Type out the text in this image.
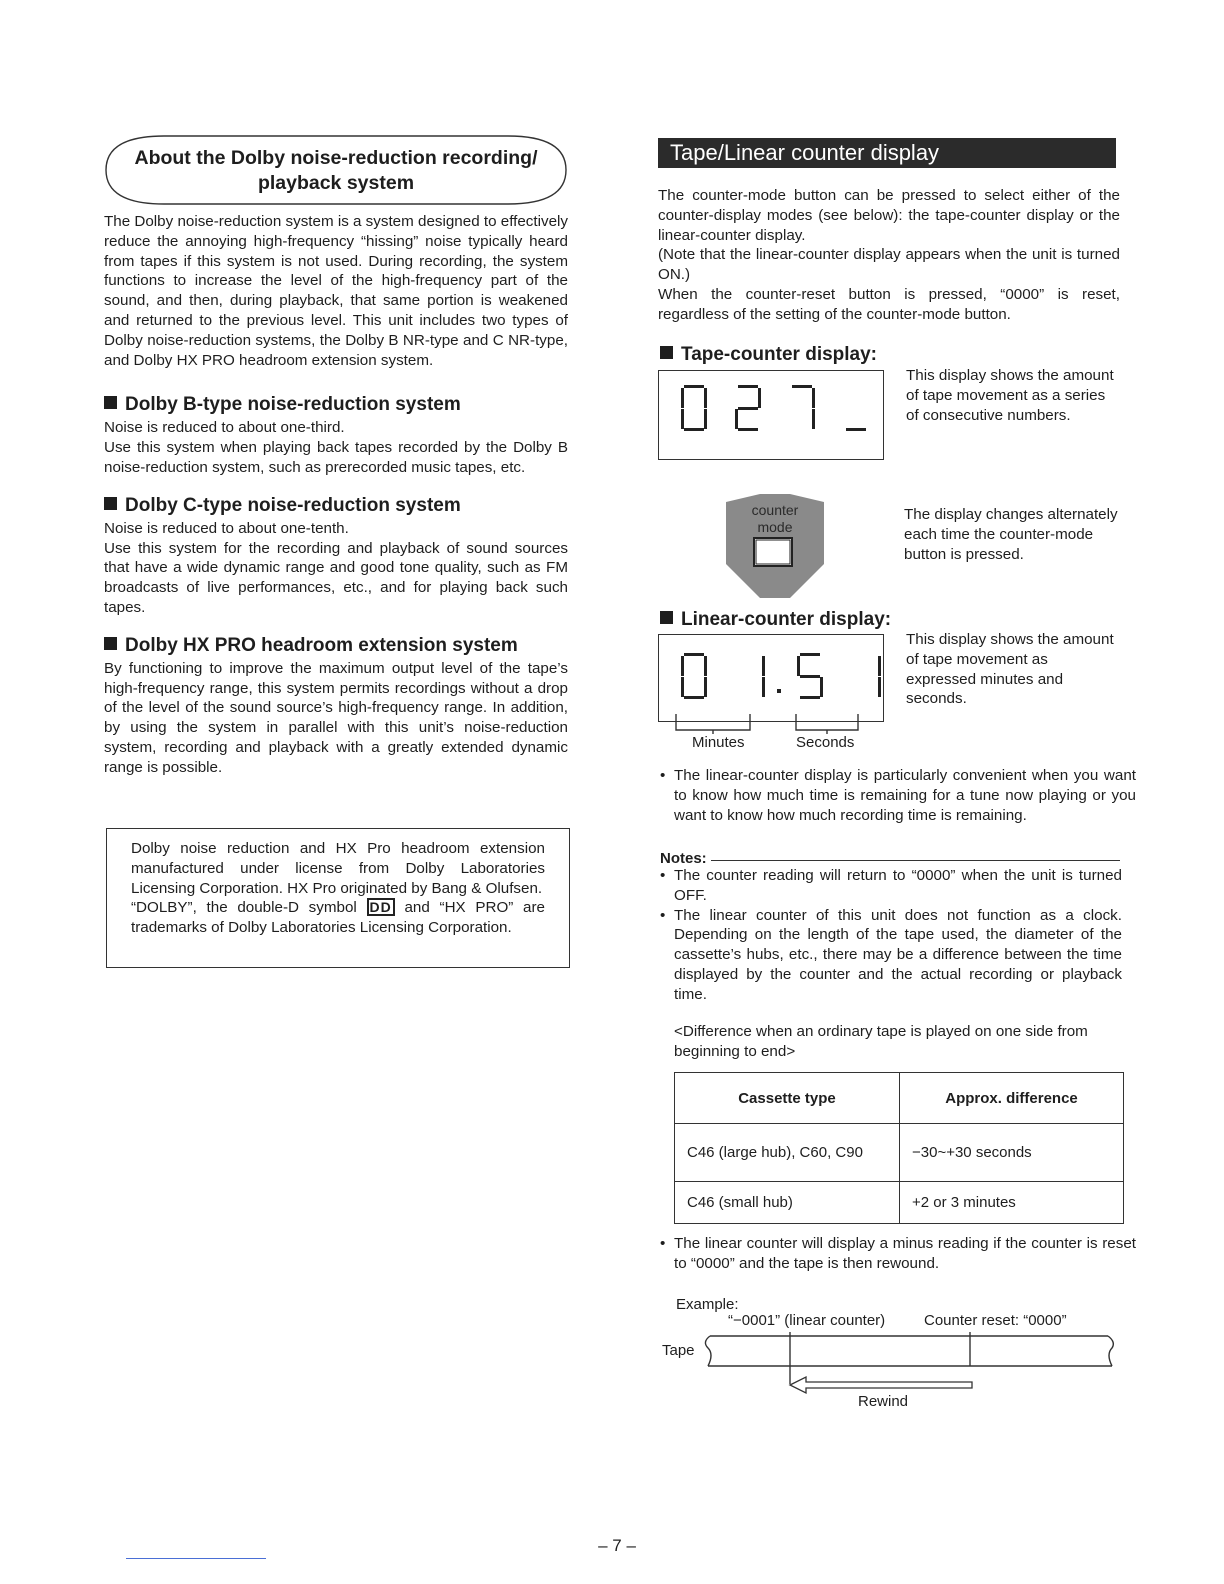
About the Dolby noise-reduction recording/
playback system

The Dolby noise-reduction system is a system designed to effectively reduce the annoying high-frequency “hissing” noise typically heard from tapes if this system is not used. During recording, the system functions to increase the level of the high-frequency part of the sound, and then, during playback, that same portion is weakened and returned to the previous level. This unit includes two types of Dolby noise-reduction systems, the Dolby B NR-type and C NR-type, and Dolby HX PRO headroom extension system.

Dolby B-type noise-reduction system

Noise is reduced to about one-third.

Use this system when playing back tapes recorded by the Dolby B noise-reduction system, such as prerecorded music tapes, etc.

Dolby C-type noise-reduction system

Noise is reduced to about one-tenth.

Use this system for the recording and playback of sound sources that have a wide dynamic range and good tone quality, such as FM broadcasts of live performances, etc., and for playing back such tapes.

Dolby HX PRO headroom extension system

By functioning to improve the maximum output level of the tape’s high-frequency range, this system permits recordings without a drop of the level of the sound source’s high-frequency range. In addition, by using the system in parallel with this unit’s noise-reduction system, recording and playback with a greatly extended dynamic range is possible.

Dolby noise reduction and HX Pro headroom extension manufactured under license from Dolby Laboratories Licensing Corporation. HX Pro originated by Bang & Olufsen.

“DOLBY”, the double-D symbol DD and “HX PRO” are trademarks of Dolby Laboratories Licensing Corporation.

Tape/Linear counter display

The counter-mode button can be pressed to select either of the counter-display modes (see below): the tape-counter display or the linear-counter display.

(Note that the linear-counter display appears when the unit is turned ON.)

When the counter-reset button is pressed, “0000” is reset, regardless of the setting of the counter-mode button.

Tape-counter display:

This display shows the amount of tape movement as a series of consecutive numbers.

counter
mode

The display changes alternately each time the counter-mode button is pressed.

Linear-counter display:

Minutes	Seconds

This display shows the amount of tape movement as expressed minutes and seconds.

• The linear-counter display is particularly convenient when you want to know how much time is remaining for a tune now playing or you want to know how much recording time is remaining.

Notes:

• The counter reading will return to “0000” when the unit is turned OFF.

• The linear counter of this unit does not function as a clock. Depending on the length of the tape used, the diameter of the cassette’s hubs, etc., there may be a difference between the time displayed by the counter and the actual recording or playback time.

<Difference when an ordinary tape is played on one side from beginning to end>

Cassette type	Approx. difference
C46 (large hub), C60, C90	−30~+30 seconds
C46 (small hub)	+2 or 3 minutes

• The linear counter will display a minus reading if the counter is reset to “0000” and the tape is then rewound.

Example:
“−0001” (linear counter)	Counter reset: “0000”
Tape
Rewind
– 7 –
